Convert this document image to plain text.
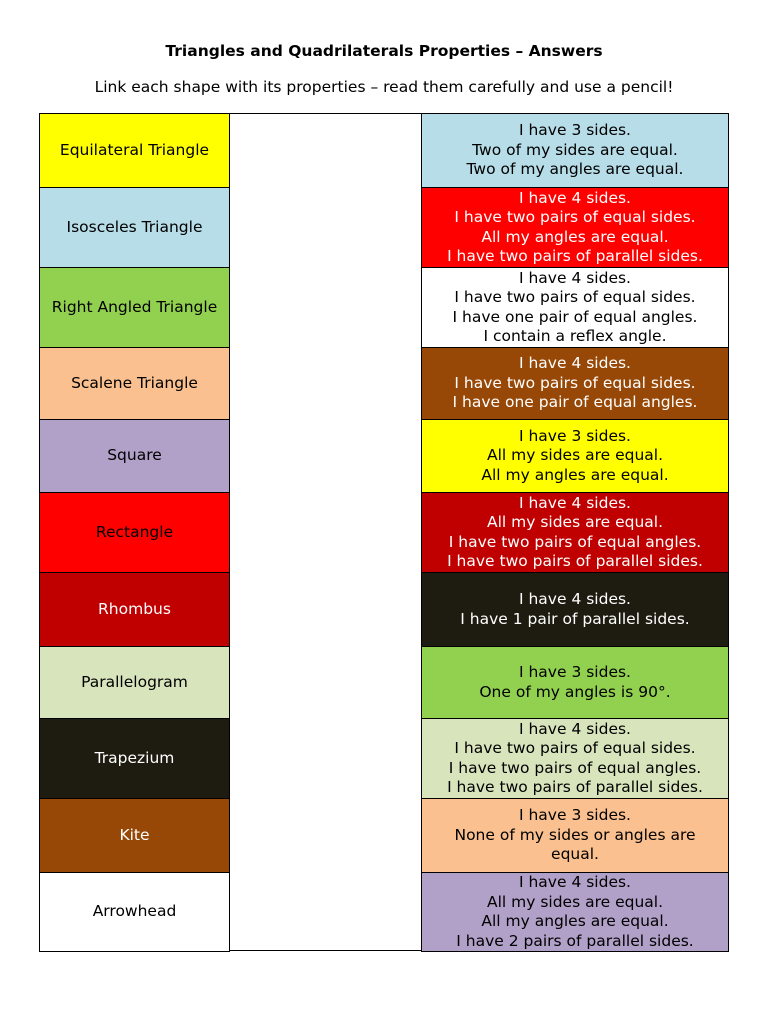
Triangles and Quadrilaterals Properties – Answers
Link each shape with its properties – read them carefully and use a pencil!
Equilateral Triangle
Isosceles Triangle
Right Angled Triangle
Scalene Triangle
Square
Rectangle
Rhombus
Parallelogram
Trapezium
Kite
Arrowhead
I have 3 sides.
Two of my sides are equal.
Two of my angles are equal.
I have 4 sides.
I have two pairs of equal sides.
All my angles are equal.
I have two pairs of parallel sides.
I have 4 sides.
I have two pairs of equal sides.
I have one pair of equal angles.
I contain a reflex angle.
I have 4 sides.
I have two pairs of equal sides.
I have one pair of equal angles.
I have 3 sides.
All my sides are equal.
All my angles are equal.
I have 4 sides.
All my sides are equal.
I have two pairs of equal angles.
I have two pairs of parallel sides.
I have 4 sides.
I have 1 pair of parallel sides.
I have 3 sides.
One of my angles is 90°.
I have 4 sides.
I have two pairs of equal sides.
I have two pairs of equal angles.
I have two pairs of parallel sides.
I have 3 sides.
None of my sides or angles are
equal.
I have 4 sides.
All my sides are equal.
All my angles are equal.
I have 2 pairs of parallel sides.
